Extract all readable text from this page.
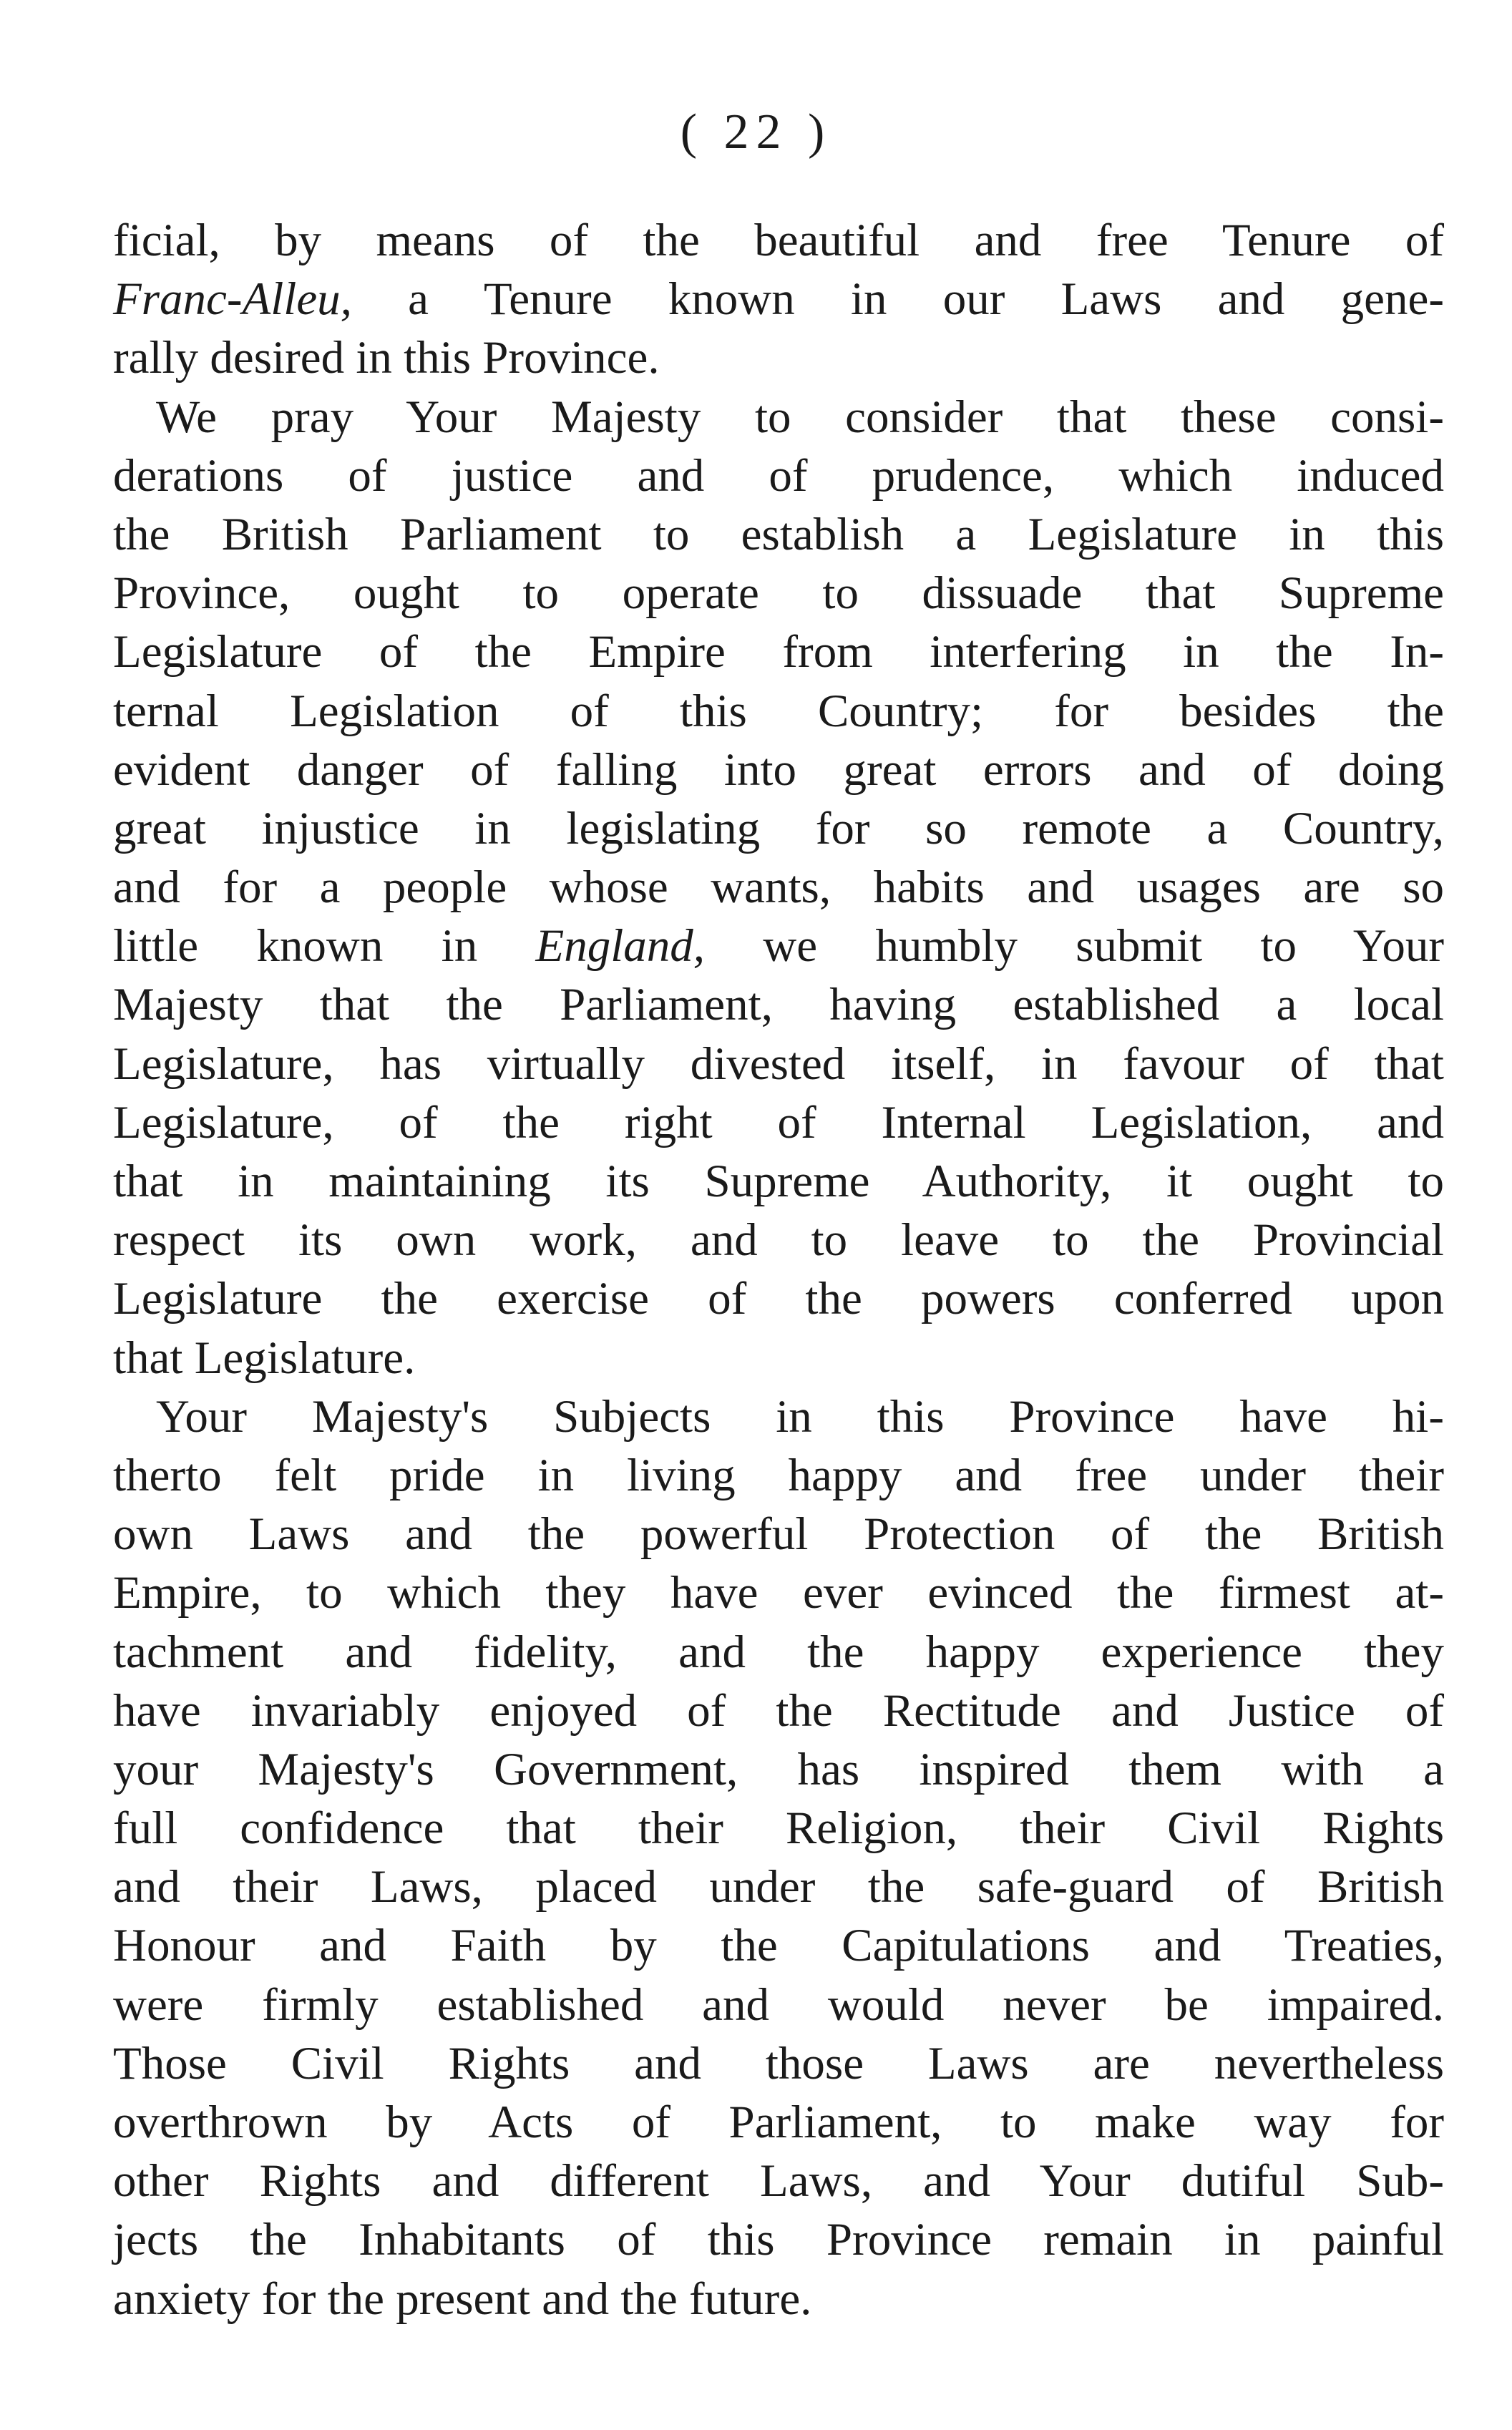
( 22 )
ficial, by means of the beautiful and free Tenure of
Franc-Alleu, a Tenure known in our Laws and gene-
rally desired in this Province.
We pray Your Majesty to consider that these consi-
derations of justice and of prudence, which induced
the British Parliament to establish a Legislature in this
Province, ought to operate to dissuade that Supreme
Legislature of the Empire from interfering in the In-
ternal Legislation of this Country; for besides the
evident danger of falling into great errors and of doing
great injustice in legislating for so remote a Country,
and for a people whose wants, habits and usages are so
little known in England, we humbly submit to Your
Majesty that the Parliament, having established a local
Legislature, has virtually divested itself, in favour of that
Legislature, of the right of Internal Legislation, and
that in maintaining its Supreme Authority, it ought to
respect its own work, and to leave to the Provincial
Legislature the exercise of the powers conferred upon
that Legislature.
Your Majesty's Subjects in this Province have hi-
therto felt pride in living happy and free under their
own Laws and the powerful Protection of the British
Empire, to which they have ever evinced the firmest at-
tachment and fidelity, and the happy experience they
have invariably enjoyed of the Rectitude and Justice of
your Majesty's Government, has inspired them with a
full confidence that their Religion, their Civil Rights
and their Laws, placed under the safe-guard of British
Honour and Faith by the Capitulations and Treaties,
were firmly established and would never be impaired.
Those Civil Rights and those Laws are nevertheless
overthrown by Acts of Parliament, to make way for
other Rights and different Laws, and Your dutiful Sub-
jects the Inhabitants of this Province remain in painful
anxiety for the present and the future.
